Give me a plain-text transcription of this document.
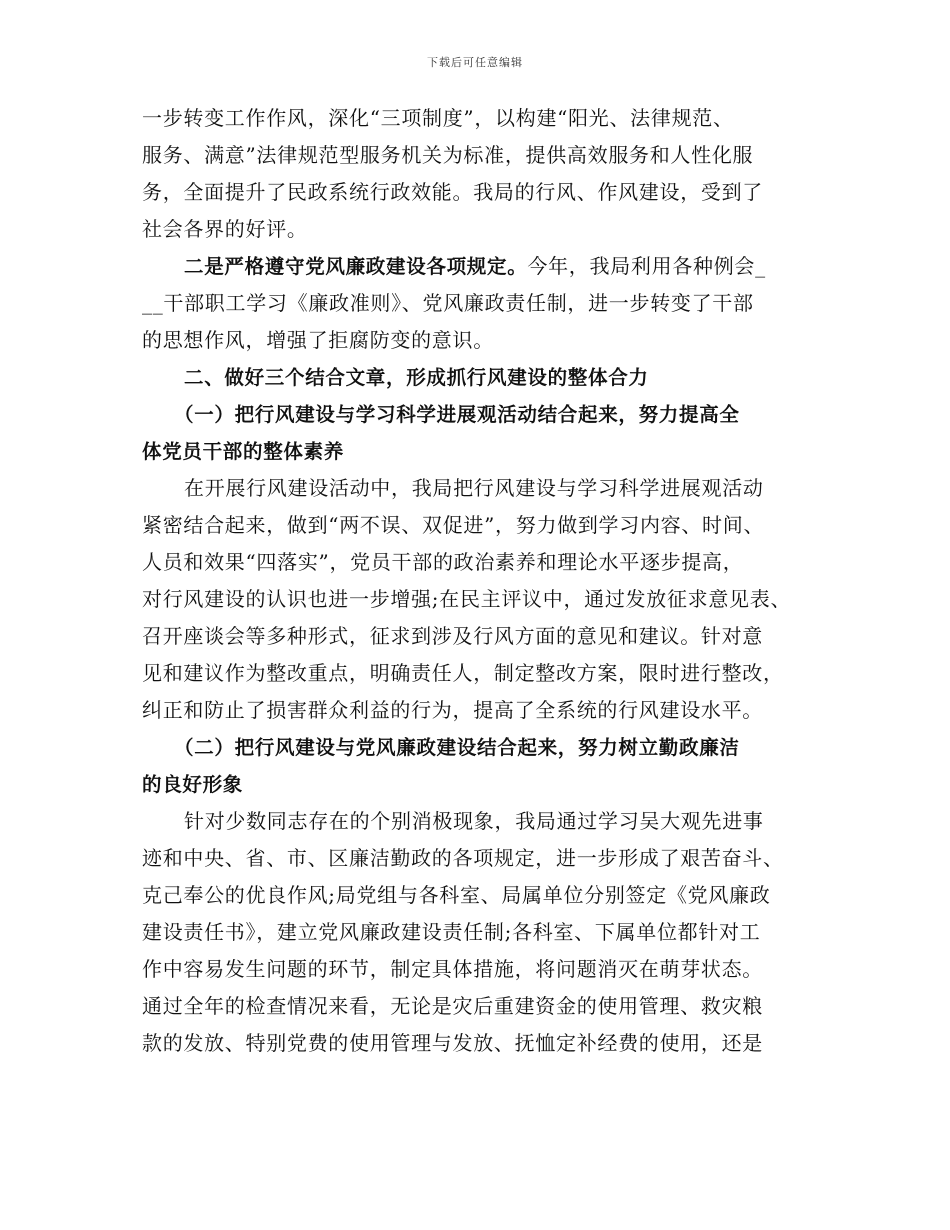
下载后可任意编辑
一步转变工作作风，深化“三项制度”，以构建“阳光、法律规范、
服务、满意”法律规范型服务机关为标准，提供高效服务和人性化服
务，全面提升了民政系统行政效能。我局的行风、作风建设，受到了
社会各界的好评。
二是严格遵守党风廉政建设各项规定。今年，我局利用各种例会_
__干部职工学习《廉政准则》、党风廉政责任制，进一步转变了干部
的思想作风，增强了拒腐防变的意识。
二、做好三个结合文章，形成抓行风建设的整体合力
（一）把行风建设与学习科学进展观活动结合起来，努力提高全
体党员干部的整体素养
在开展行风建设活动中，我局把行风建设与学习科学进展观活动
紧密结合起来，做到“两不误、双促进”，努力做到学习内容、时间、
人员和效果“四落实”，党员干部的政治素养和理论水平逐步提高，
对行风建设的认识也进一步增强;在民主评议中，通过发放征求意见表、
召开座谈会等多种形式，征求到涉及行风方面的意见和建议。针对意
见和建议作为整改重点，明确责任人，制定整改方案，限时进行整改，
纠正和防止了损害群众利益的行为，提高了全系统的行风建设水平。
（二）把行风建设与党风廉政建设结合起来，努力树立勤政廉洁
的良好形象
针对少数同志存在的个别消极现象，我局通过学习吴大观先进事
迹和中央、省、市、区廉洁勤政的各项规定，进一步形成了艰苦奋斗、
克己奉公的优良作风;局党组与各科室、局属单位分别签定《党风廉政
建设责任书》，建立党风廉政建设责任制;各科室、下属单位都针对工
作中容易发生问题的环节，制定具体措施，将问题消灭在萌芽状态。
通过全年的检查情况来看，无论是灾后重建资金的使用管理、救灾粮
款的发放、特别党费的使用管理与发放、抚恤定补经费的使用，还是
